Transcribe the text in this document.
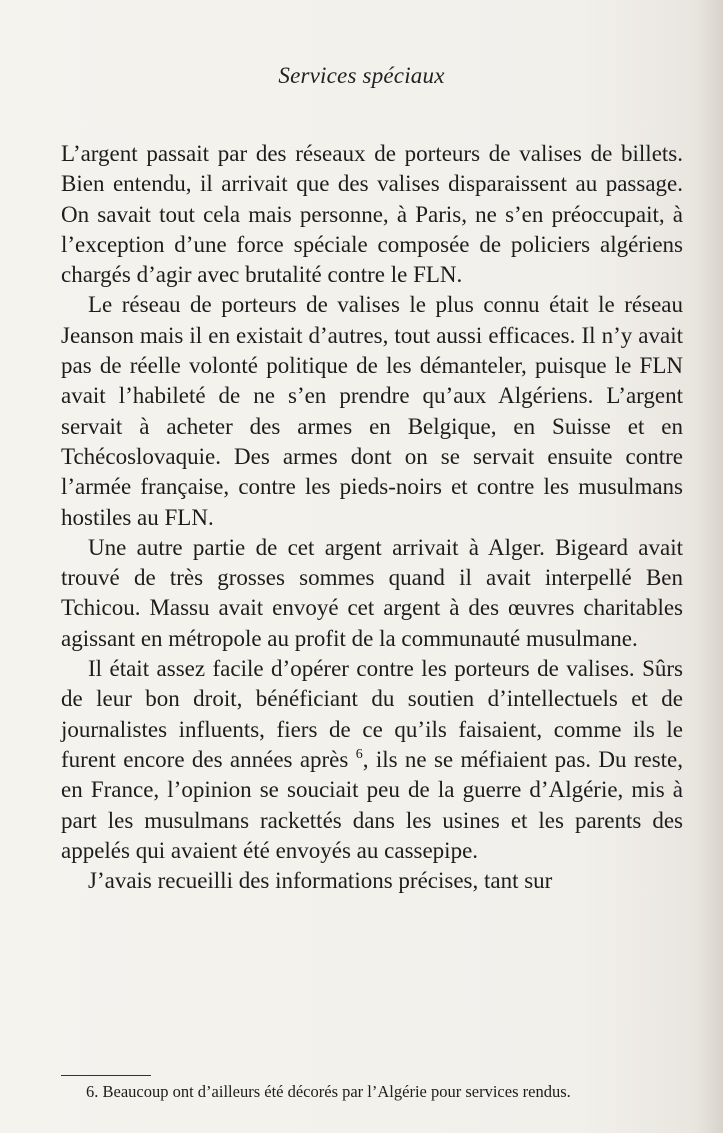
Services spéciaux

L’argent passait par des réseaux de porteurs de valises de billets. Bien entendu, il arrivait que des valises disparaissent au passage. On savait tout cela mais personne, à Paris, ne s’en préoccupait, à l’exception d’une force spéciale composée de policiers algériens chargés d’agir avec brutalité contre le FLN.

Le réseau de porteurs de valises le plus connu était le réseau Jeanson mais il en existait d’autres, tout aussi efficaces. Il n’y avait pas de réelle volonté politique de les démanteler, puisque le FLN avait l’habileté de ne s’en prendre qu’aux Algériens. L’argent servait à acheter des armes en Belgique, en Suisse et en Tchécoslovaquie. Des armes dont on se servait ensuite contre l’armée française, contre les pieds-noirs et contre les musulmans hostiles au FLN.

Une autre partie de cet argent arrivait à Alger. Bigeard avait trouvé de très grosses sommes quand il avait interpellé Ben Tchicou. Massu avait envoyé cet argent à des œuvres charitables agissant en métropole au profit de la communauté musulmane.

Il était assez facile d’opérer contre les porteurs de valises. Sûrs de leur bon droit, bénéficiant du soutien d’intellectuels et de journalistes influents, fiers de ce qu’ils faisaient, comme ils le furent encore des années après $^6$, ils ne se méfiaient pas. Du reste, en France, l’opinion se souciait peu de la guerre d’Algérie, mis à part les musulmans rackettés dans les usines et les parents des appelés qui avaient été envoyés au cassepipe.

J’avais recueilli des informations précises, tant sur

6. Beaucoup ont d’ailleurs été décorés par l’Algérie pour services rendus.
